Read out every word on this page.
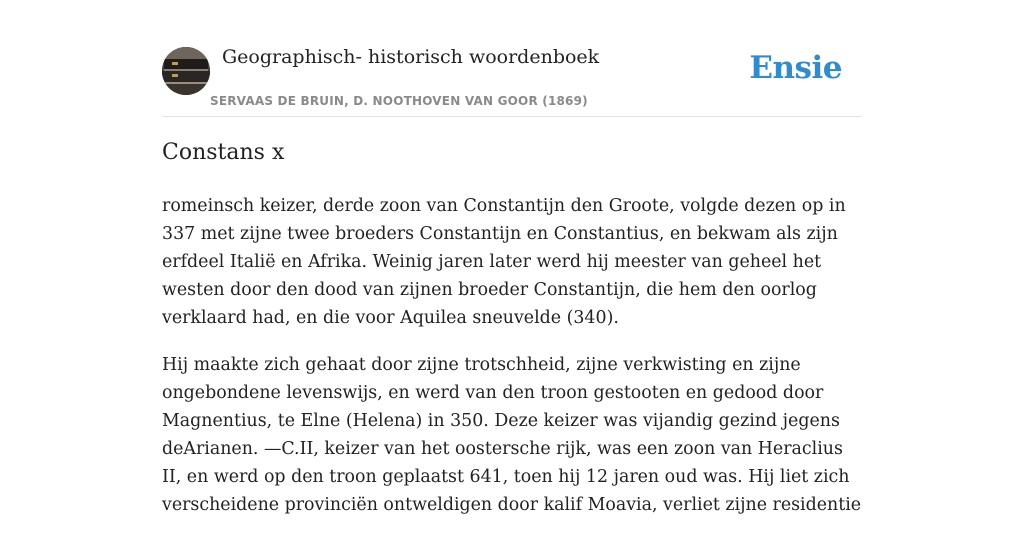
Geographisch- historisch woordenboek
SERVAAS DE BRUIN, D. NOOTHOVEN VAN GOOR (1869)
Ensie
Constans x

romeinsch keizer, derde zoon van Constantijn den Groote, volgde dezen op in 337 met zijne twee broeders Constantijn en Constantius, en bekwam als zijn erfdeel Italië en Afrika. Weinig jaren later werd hij meester van geheel het westen door den dood van zijnen broeder Constantijn, die hem den oorlog verklaard had, en die voor Aquilea sneuvelde (340).

Hij maakte zich gehaat door zijne trotschheid, zijne verkwisting en zijne ongebondene levenswijs, en werd van den troon gestooten en gedood door Magnentius, te Elne (Helena) in 350. Deze keizer was vijandig gezind jegens deArianen. —C.II, keizer van het oostersche rijk, was een zoon van Heraclius II, en werd op den troon geplaatst 641, toen hij 12 jaren oud was. Hij liet zich verscheidene provinciën ontweldigen door kalif Moavia, verliet zijne residentie
